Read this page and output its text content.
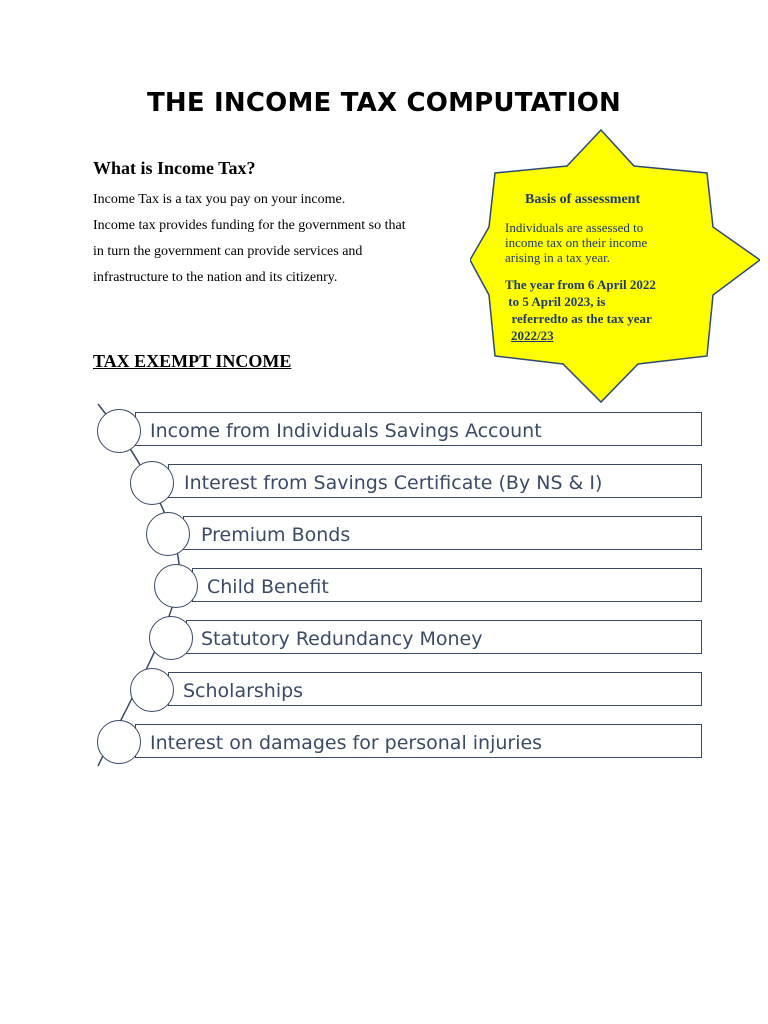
THE INCOME TAX COMPUTATION
What is Income Tax?
Income Tax is a tax you pay on your income.
Income tax provides funding for the government so that
in turn the government can provide services and
infrastructure to the nation and its citizenry.
Basis of assessment
Individuals are assessed to
income tax on their income
arising in a tax year.
The year from 6 April 2022
to 5 April 2023, is
referredto as the tax year
2022/23
TAX EXEMPT INCOME
Income from Individuals Savings Account
Interest from Savings Certificate (By NS & I)
Premium Bonds
Child Benefit
Statutory Redundancy Money
Scholarships
Interest on damages for personal injuries
